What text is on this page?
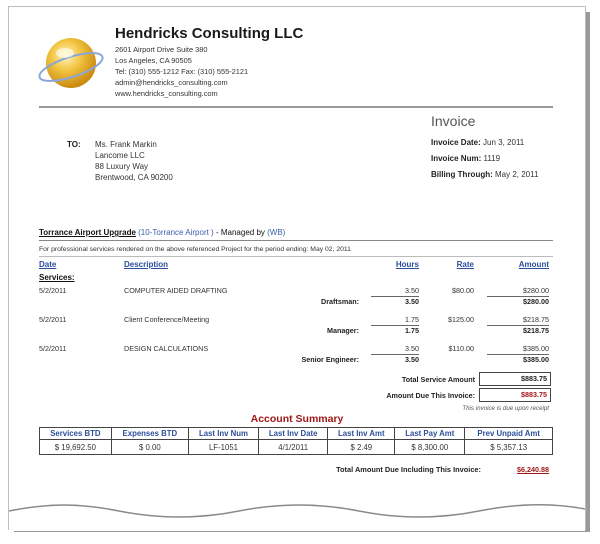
Hendricks Consulting LLC
2601 Airport Drive Suite 380
Los Angeles, CA 90505
Tel: (310) 555-1212 Fax: (310) 555-2121
admin@hendricks_consulting.com
www.hendricks_consulting.com
Invoice
Invoice Date: Jun 3, 2011
Invoice Num: 1119
Billing Through: May 2, 2011
TO: Ms. Frank Markin
Lancome LLC
88 Luxury Way
Brentwood, CA 90200
Torrance Airport Upgrade (10-Torrance Airport ) - Managed by (WB)
For professional services rendered on the above referenced Project for the period ending: May 02, 2011
Date	Description	Hours	Rate	Amount
Services:
5/2/2011	COMPUTER AIDED DRAFTING	3.50	$80.00	$280.00
Draftsman:	3.50	$280.00
5/2/2011	Client Conference/Meeting	1.75	$125.00	$218.75
Manager:	1.75	$218.75
5/2/2011	DESIGN CALCULATIONS	3.50	$110.00	$385.00
Senior Engineer:	3.50	$385.00
Total Service Amount	$883.75
Amount Due This Invoice:	$883.75
This invoice is due upon receipt
Account Summary
Services BTD	Expenses BTD	Last Inv Num	Last Inv Date	Last Inv Amt	Last Pay Amt	Prev Unpaid Amt
$ 19,692.50	$ 0.00	LF-1051	4/1/2011	$ 2.49	$ 8,300.00	$ 5,357.13
Total Amount Due Including This Invoice:	$6,240.88
